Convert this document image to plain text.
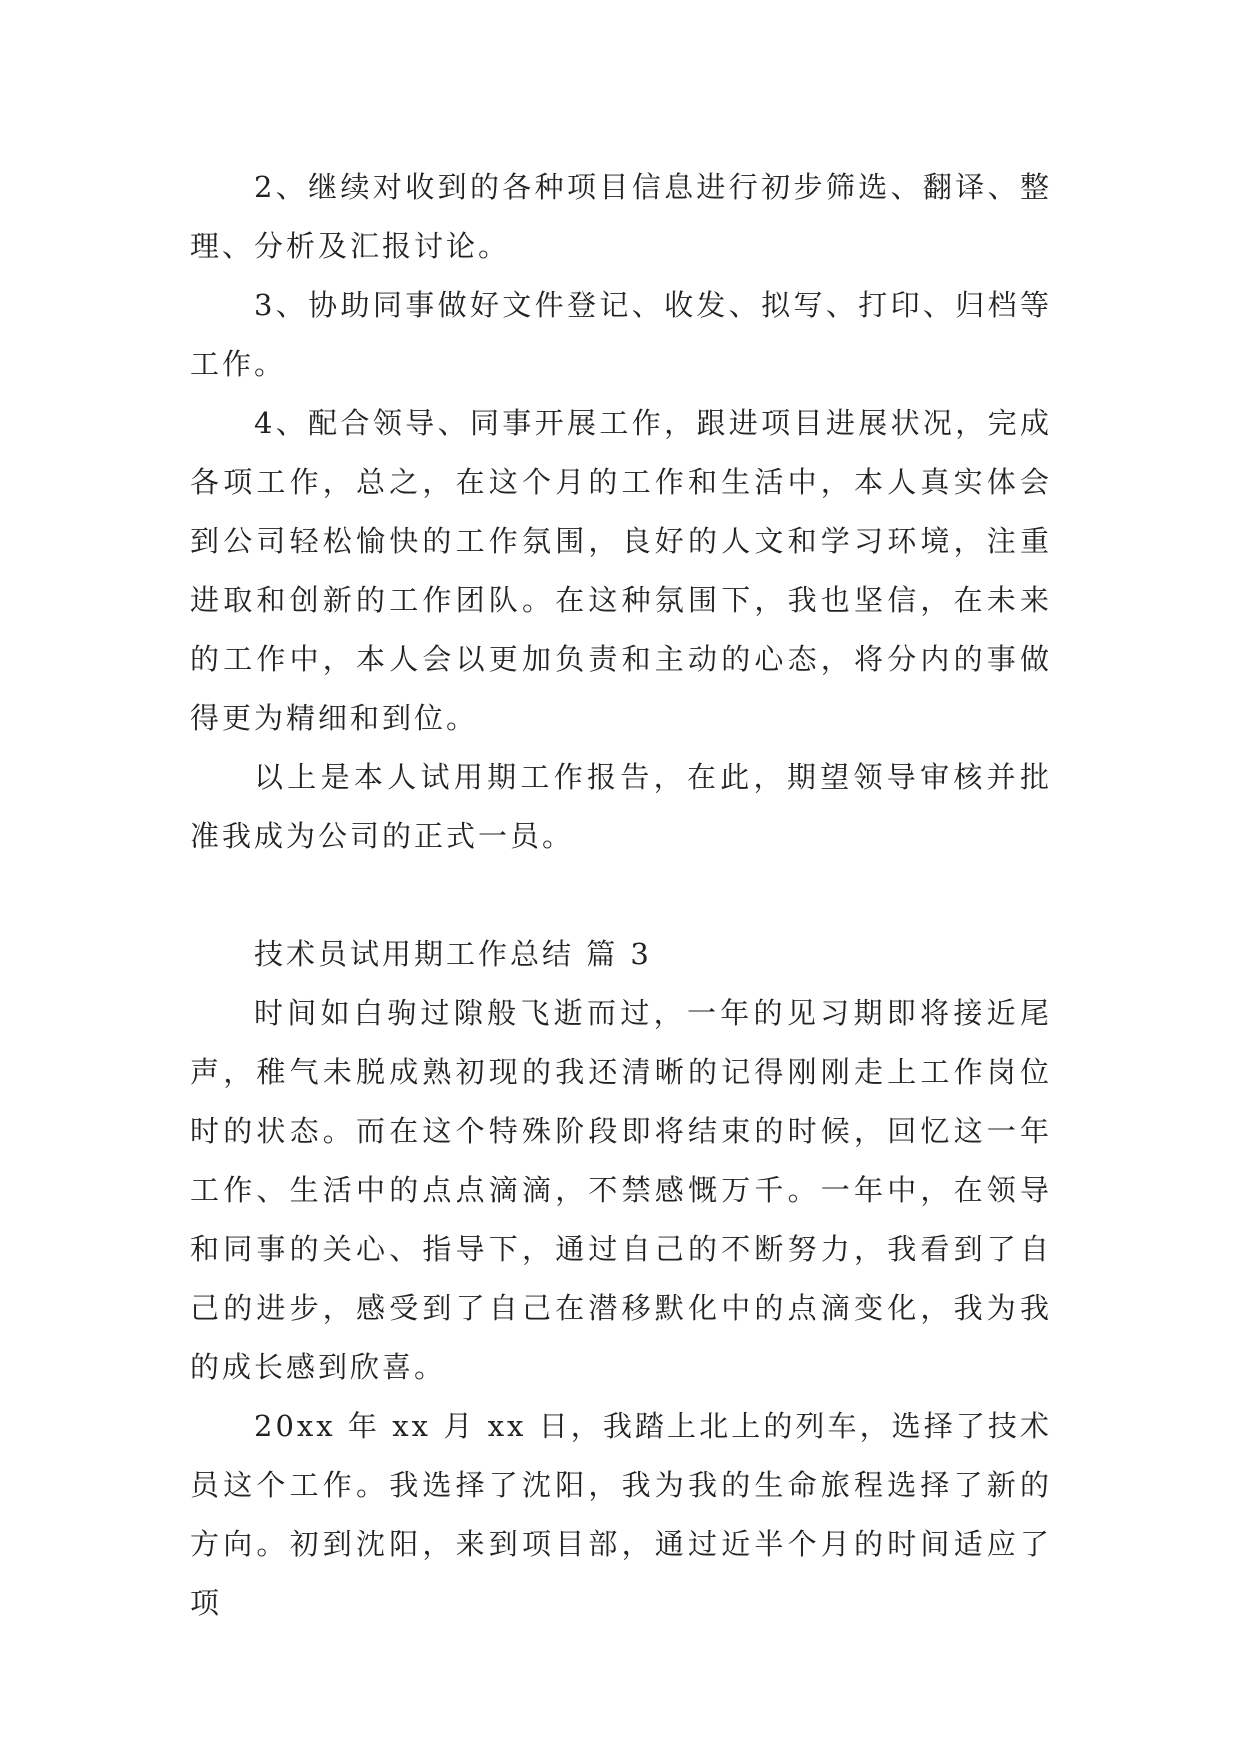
2、继续对收到的各种项目信息进行初步筛选、翻译、整理、分析及汇报讨论。

3、协助同事做好文件登记、收发、拟写、打印、归档等工作。

4、配合领导、同事开展工作，跟进项目进展状况，完成各项工作，总之，在这个月的工作和生活中，本人真实体会到公司轻松愉快的工作氛围，良好的人文和学习环境，注重进取和创新的工作团队。在这种氛围下，我也坚信，在未来的工作中，本人会以更加负责和主动的心态，将分内的事做得更为精细和到位。

以上是本人试用期工作报告，在此，期望领导审核并批准我成为公司的正式一员。

技术员试用期工作总结 篇 3

时间如白驹过隙般飞逝而过，一年的见习期即将接近尾声，稚气未脱成熟初现的我还清晰的记得刚刚走上工作岗位时的状态。而在这个特殊阶段即将结束的时候，回忆这一年工作、生活中的点点滴滴，不禁感慨万千。一年中，在领导和同事的关心、指导下，通过自己的不断努力，我看到了自己的进步，感受到了自己在潜移默化中的点滴变化，我为我的成长感到欣喜。

20xx 年 xx 月 xx 日，我踏上北上的列车，选择了技术员这个工作。我选择了沈阳，我为我的生命旅程选择了新的方向。初到沈阳，来到项目部，通过近半个月的时间适应了项
